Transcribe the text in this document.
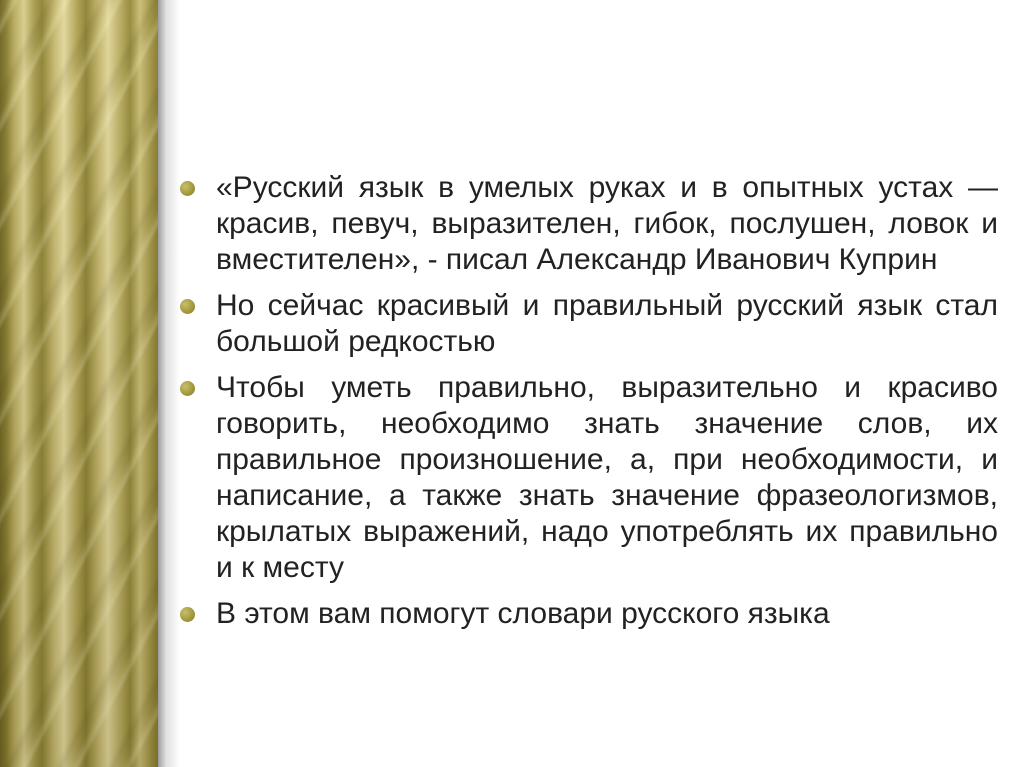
«Русский язык в умелых руках и в опытных устах — красив, певуч, выразителен, гибок, послушен, ловок и вместителен», - писал Александр Иванович Куприн
Но сейчас красивый и правильный русский язык стал большой редкостью
Чтобы уметь правильно, выразительно и красиво говорить, необходимо знать значение слов, их правильное произношение, а, при необходимости, и написание, а также знать значение фразеологизмов, крылатых выражений, надо употреблять их правильно и к месту
В этом вам помогут словари русского языка
